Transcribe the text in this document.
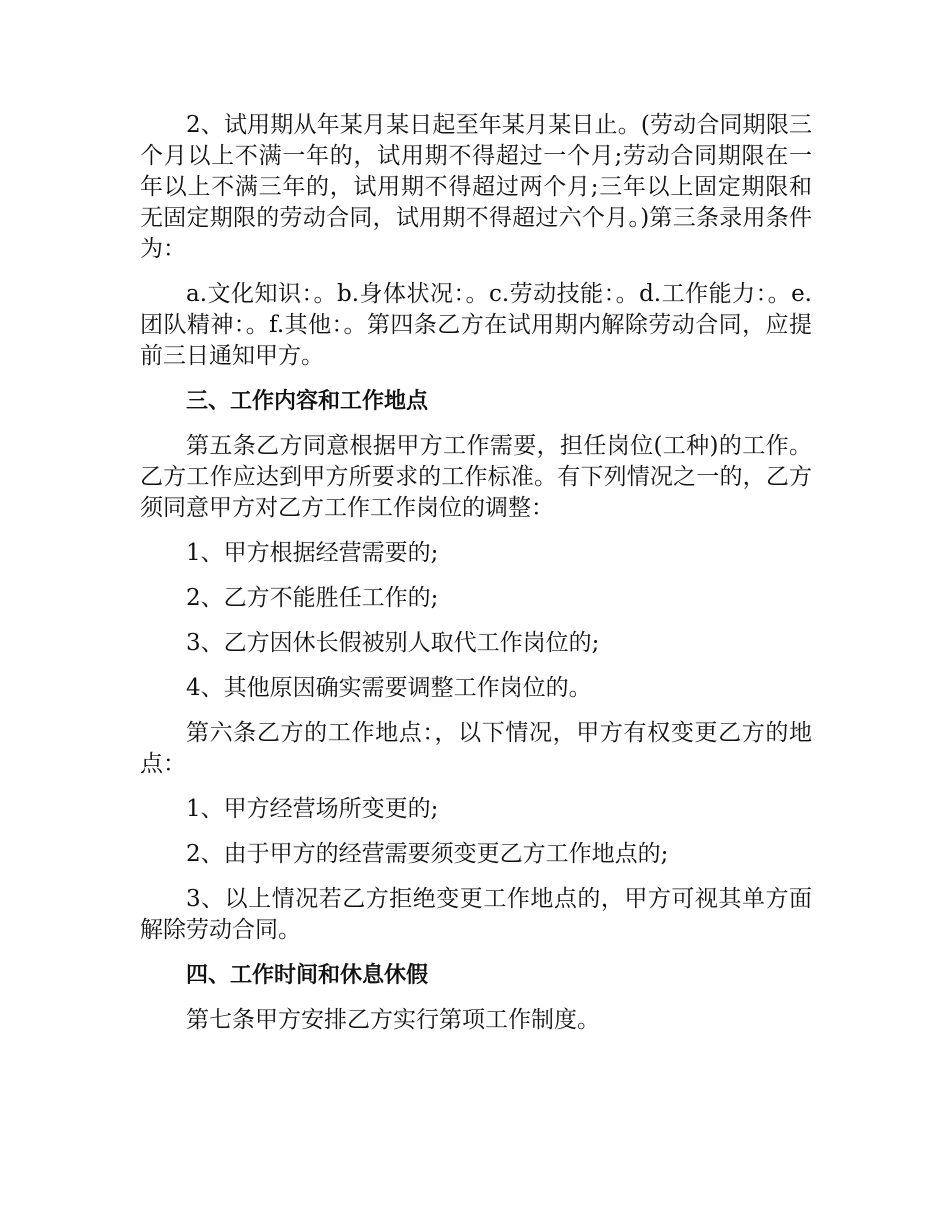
2、试用期从年某月某日起至年某月某日止。(劳动合同期限三个月以上不满一年的，试用期不得超过一个月;劳动合同期限在一年以上不满三年的，试用期不得超过两个月;三年以上固定期限和无固定期限的劳动合同，试用期不得超过六个月。)第三条录用条件为：

a.文化知识：。b.身体状况：。c.劳动技能：。d.工作能力：。e.团队精神：。f.其他：。第四条乙方在试用期内解除劳动合同，应提前三日通知甲方。

三、工作内容和工作地点

第五条乙方同意根据甲方工作需要，担任岗位(工种)的工作。乙方工作应达到甲方所要求的工作标准。有下列情况之一的，乙方须同意甲方对乙方工作工作岗位的调整：

1、甲方根据经营需要的;

2、乙方不能胜任工作的;

3、乙方因休长假被别人取代工作岗位的;

4、其他原因确实需要调整工作岗位的。

第六条乙方的工作地点：，以下情况，甲方有权变更乙方的地点：

1、甲方经营场所变更的;

2、由于甲方的经营需要须变更乙方工作地点的;

3、以上情况若乙方拒绝变更工作地点的，甲方可视其单方面解除劳动合同。

四、工作时间和休息休假

第七条甲方安排乙方实行第项工作制度。
